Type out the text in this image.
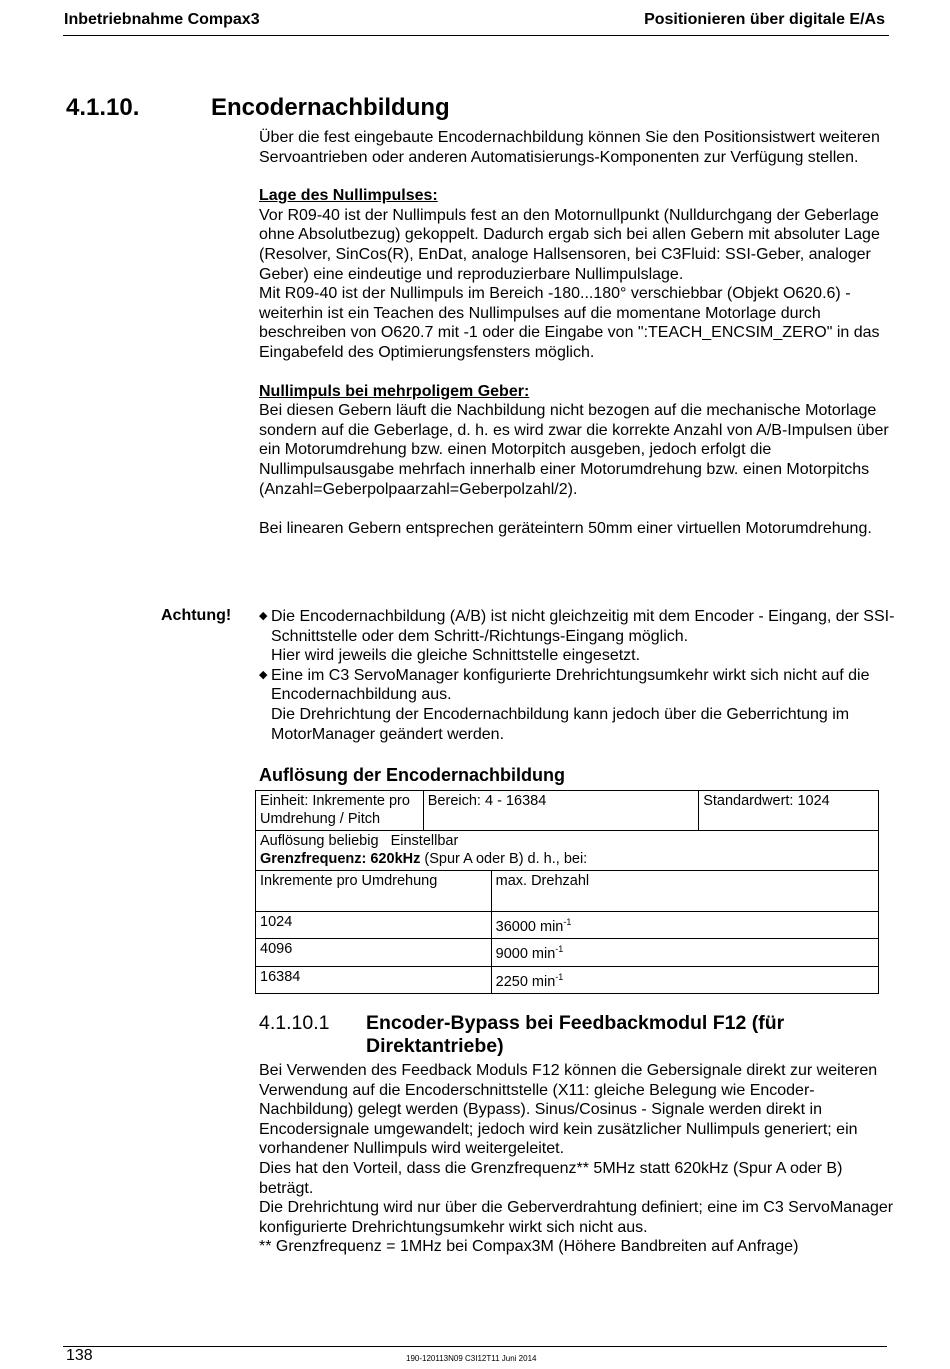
Inbetriebnahme Compax3	Positionieren über digitale E/As
4.1.10.	Encodernachbildung

Über die fest eingebaute Encodernachbildung können Sie den Positionsistwert weiteren Servoantrieben oder anderen Automatisierungs-Komponenten zur Verfügung stellen.

Lage des Nullimpulses:

Vor R09-40 ist der Nullimpuls fest an den Motornullpunkt (Nulldurchgang der Geberlage ohne Absolutbezug) gekoppelt. Dadurch ergab sich bei allen Gebern mit absoluter Lage (Resolver, SinCos(R), EnDat, analoge Hallsensoren, bei C3Fluid: SSI-Geber, analoger Geber) eine eindeutige und reproduzierbare Nullimpulslage.

Mit R09-40 ist der Nullimpuls im Bereich -180...180° verschiebbar (Objekt O620.6) - weiterhin ist ein Teachen des Nullimpulses auf die momentane Motorlage durch beschreiben von O620.7 mit -1 oder die Eingabe von ":TEACH_ENCSIM_ZERO" in das Eingabefeld des Optimierungsfensters möglich.

Nullimpuls bei mehrpoligem Geber:

Bei diesen Gebern läuft die Nachbildung nicht bezogen auf die mechanische Motorlage sondern auf die Geberlage, d. h. es wird zwar die korrekte Anzahl von A/B-Impulsen über ein Motorumdrehung bzw. einen Motorpitch ausgeben, jedoch erfolgt die Nullimpulsausgabe mehrfach innerhalb einer Motorumdrehung bzw. einen Motorpitchs (Anzahl=Geberpolpaarzahl=Geberpolzahl/2).

Bei linearen Gebern entsprechen geräteintern 50mm einer virtuellen Motorumdrehung.

Achtung!	◆ Die Encodernachbildung (A/B) ist nicht gleichzeitig mit dem Encoder - Eingang, der SSI-Schnittstelle oder dem Schritt-/Richtungs-Eingang möglich.
Hier wird jeweils die gleiche Schnittstelle eingesetzt.
◆ Eine im C3 ServoManager konfigurierte Drehrichtungsumkehr wirkt sich nicht auf die Encodernachbildung aus.
Die Drehrichtung der Encodernachbildung kann jedoch über die Geberrichtung im MotorManager geändert werden.
Auflösung der Encodernachbildung
Einheit: Inkremente pro Umdrehung / Pitch	Bereich: 4 - 16384		Standardwert: 1024

Auflösung beliebig   Einstellbar
Grenzfrequenz: 620kHz (Spur A oder B) d. h., bei:			

Inkremente pro Umdrehung		max. Drehzahl	
1024		36000 $\min^{-1}$
4096		9000 $\min^{-1}$
16384		2250 $\min^{-1}$
4.1.10.1 Encoder-Bypass bei Feedbackmodul F12 (für Direktantriebe)

Bei Verwenden des Feedback Moduls F12 können die Gebersignale direkt zur weiteren Verwendung auf die Encoderschnittstelle (X11: gleiche Belegung wie Encoder-Nachbildung) gelegt werden (Bypass). Sinus/Cosinus - Signale werden direkt in Encodersignale umgewandelt; jedoch wird kein zusätzlicher Nullimpuls generiert; ein vorhandener Nullimpuls wird weitergeleitet.

Dies hat den Vorteil, dass die Grenzfrequenz** 5MHz statt 620kHz (Spur A oder B) beträgt.

Die Drehrichtung wird nur über die Geberverdrahtung definiert; eine im C3 ServoManager konfigurierte Drehrichtungsumkehr wirkt sich nicht aus.

** Grenzfrequenz = 1MHz bei Compax3M (Höhere Bandbreiten auf Anfrage)

138	190-120113N09 C3I12T11 Juni 2014
